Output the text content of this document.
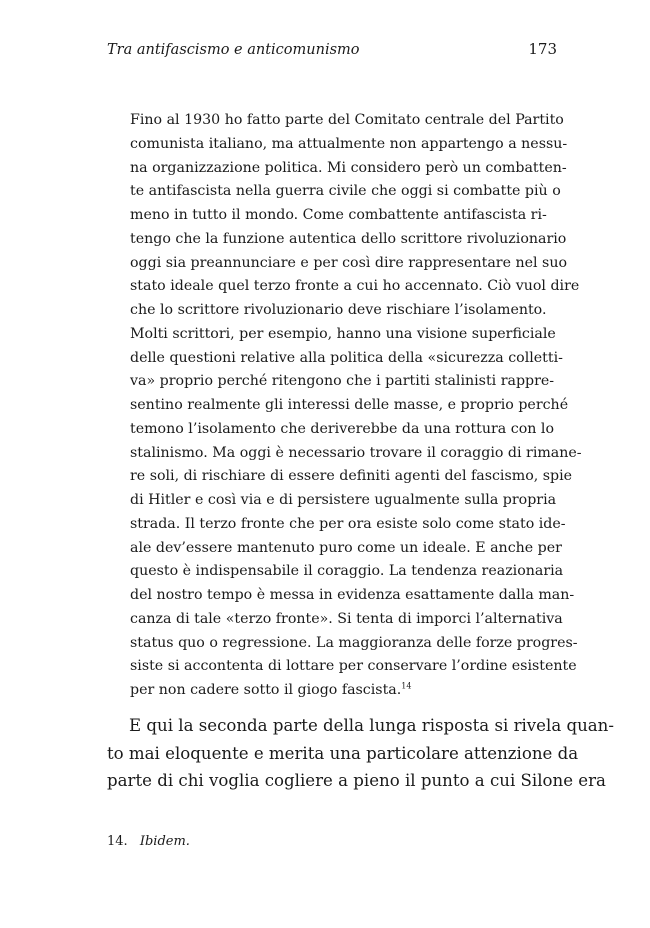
Tra antifascismo e anticomunismo	173
Fino al 1930 ho fatto parte del Comitato centrale del Partito
comunista italiano, ma attualmente non appartengo a nessu-
na organizzazione politica. Mi considero però un combatten-
te antifascista nella guerra civile che oggi si combatte più o
meno in tutto il mondo. Come combattente antifascista ri-
tengo che la funzione autentica dello scrittore rivoluzionario
oggi sia preannunciare e per così dire rappresentare nel suo
stato ideale quel terzo fronte a cui ho accennato. Ciò vuol dire
che lo scrittore rivoluzionario deve rischiare l’isolamento.
Molti scrittori, per esempio, hanno una visione superficiale
delle questioni relative alla politica della «sicurezza colletti-
va» proprio perché ritengono che i partiti stalinisti rappre-
sentino realmente gli interessi delle masse, e proprio perché
temono l’isolamento che deriverebbe da una rottura con lo
stalinismo. Ma oggi è necessario trovare il coraggio di rimane-
re soli, di rischiare di essere definiti agenti del fascismo, spie
di Hitler e così via e di persistere ugualmente sulla propria
strada. Il terzo fronte che per ora esiste solo come stato ide-
ale dev’essere mantenuto puro come un ideale. E anche per
questo è indispensabile il coraggio. La tendenza reazionaria
del nostro tempo è messa in evidenza esattamente dalla man-
canza di tale «terzo fronte». Si tenta di imporci l’alternativa
status quo o regressione. La maggioranza delle forze progres-
siste si accontenta di lottare per conservare l’ordine esistente
per non cadere sotto il giogo fascista.$^{14}$
E qui la seconda parte della lunga risposta si rivela quan-
to mai eloquente e merita una particolare attenzione da
parte di chi voglia cogliere a pieno il punto a cui Silone era
14. Ibidem.
